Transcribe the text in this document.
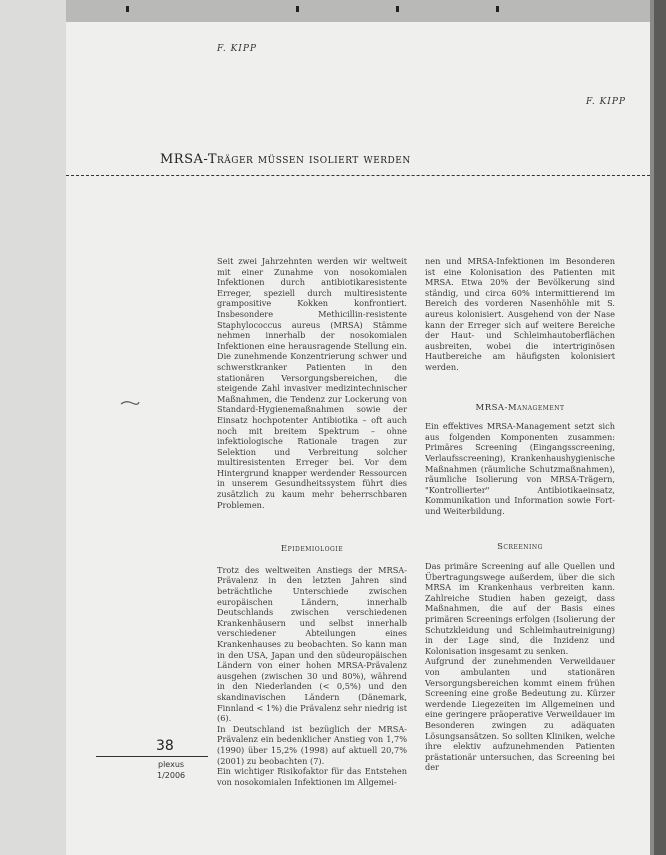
F. KIPP
F. KIPP
MRSA-Träger müssen isoliert werden

Seit zwei Jahrzehnten werden wir weltweit mit einer Zunahme von nosokomialen Infektionen durch antibiotikaresistente Erreger, speziell durch multiresistente grampositive Kokken konfrontiert. Insbesondere Methicillin-resistente Staphylococcus aureus (MRSA) Stämme nehmen innerhalb der nosokomialen Infektionen eine herausragende Stellung ein. Die zunehmende Konzentrierung schwer und schwerstkranker Patienten in den stationären Versorgungsbereichen, die steigende Zahl invasiver medizintechnischer Maßnahmen, die Tendenz zur Lockerung von Standard-Hygienemaßnahmen sowie der Einsatz hochpotenter Antibiotika – oft auch noch mit breitem Spektrum – ohne infektiologische Rationale tragen zur Selektion und Verbreitung solcher multiresistenten Erreger bei. Vor dem Hintergrund knapper werdender Ressourcen in unserem Gesundheitssystem führt dies zusätzlich zu kaum mehr beherrschbaren Problemen.

Epidemiologie

Trotz des weltweiten Anstiegs der MRSA-Prävalenz in den letzten Jahren sind beträchtliche Unterschiede zwischen europäischen Ländern, innerhalb Deutschlands zwischen verschiedenen Krankenhäusern und selbst innerhalb verschiedener Abteilungen eines Krankenhauses zu beobachten. So kann man in den USA, Japan und den südeuropäischen Ländern von einer hohen MRSA-Prävalenz ausgehen (zwischen 30 und 80%), während in den Niederlanden (< 0,5%) und den skandinavischen Ländern (Dänemark, Finnland < 1%) die Prävalenz sehr niedrig ist (6).

In Deutschland ist bezüglich der MRSA-Prävalenz ein bedenklicher Anstieg von 1,7% (1990) über 15,2% (1998) auf aktuell 20,7% (2001) zu beobachten (7).

Ein wichtiger Risikofaktor für das Entstehen von nosokomialen Infektionen im Allgemei-

nen und MRSA-Infektionen im Besonderen ist eine Kolonisation des Patienten mit MRSA. Etwa 20% der Bevölkerung sind ständig, und circa 60% intermittierend im Bereich des vorderen Nasenhöhle mit S. aureus kolonisiert. Ausgehend von der Nase kann der Erreger sich auf weitere Bereiche der Haut- und Schleimhautoberflächen ausbreiten, wobei die intertriginösen Hautbereiche am häufigsten kolonisiert werden.

MRSA-Management

Ein effektives MRSA-Management setzt sich aus folgenden Komponenten zusammen: Primäres Screening (Eingangsscreening, Verlaufsscreening), Krankenhaushygienische Maßnahmen (räumliche Schutzmaßnahmen), räumliche Isolierung von MRSA-Trägern, "Kontrollierter" Antibiotikaeinsatz, Kommunikation und Information sowie Fort- und Weiterbildung.

Screening

Das primäre Screening auf alle Quellen und Übertragungswege außerdem, über die sich MRSA im Krankenhaus verbreiten kann. Zahlreiche Studien haben gezeigt, dass Maßnahmen, die auf der Basis eines primären Screenings erfolgen (Isolierung der Schutzkleidung und Schleimhautreinigung) in der Lage sind, die Inzidenz und Kolonisation insgesamt zu senken.

Aufgrund der zunehmenden Verweildauer von ambulanten und stationären Versorgungsbereichen kommt einem frühen Screening eine große Bedeutung zu. Kürzer werdende Liegezeiten im Allgemeinen und eine geringere präoperative Verweildauer im Besonderen zwingen zu adäquaten Lösungsansätzen. So sollten Kliniken, welche ihre elektiv aufzunehmenden Patienten prästationär untersuchen, das Screening bei der

38
plexus
1/2006
